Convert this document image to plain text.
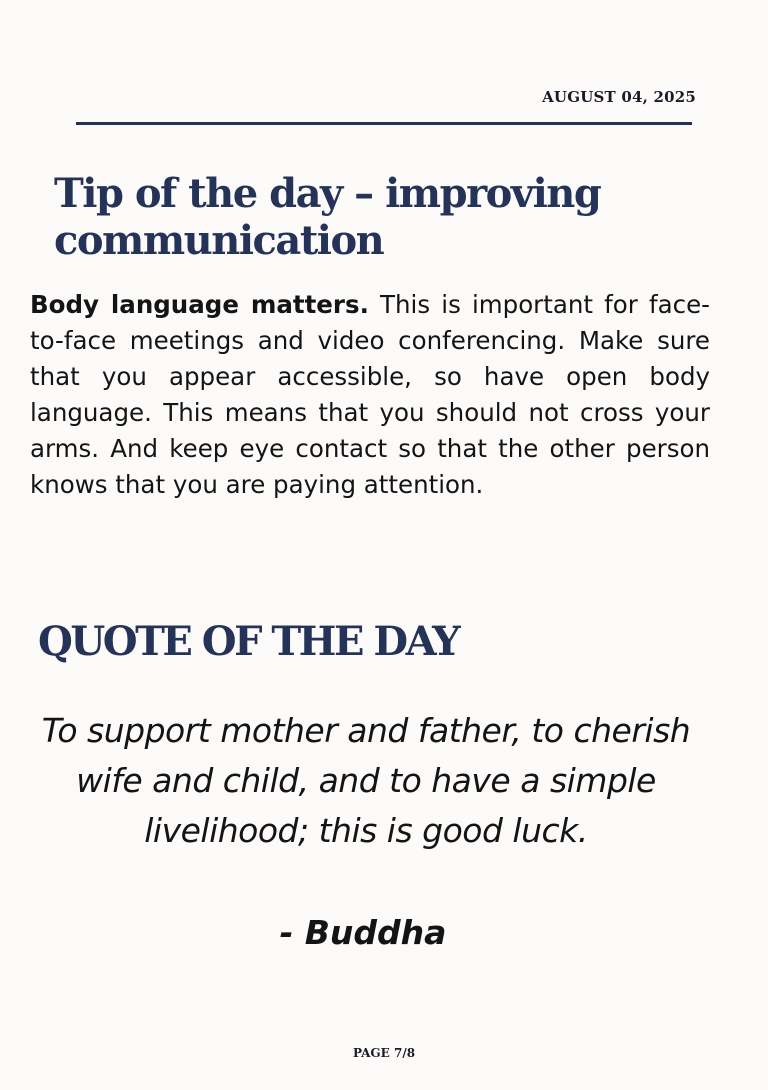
AUGUST 04, 2025
Tip of the day – improving communication

Body language matters. This is important for face-to-face meetings and video conferencing. Make sure that you appear accessible, so have open body language. This means that you should not cross your arms. And keep eye contact so that the other person knows that you are paying attention.

QUOTE OF THE DAY

To support mother and father, to cherish wife and child, and to have a simple livelihood; this is good luck.

- Buddha

PAGE 7/8
